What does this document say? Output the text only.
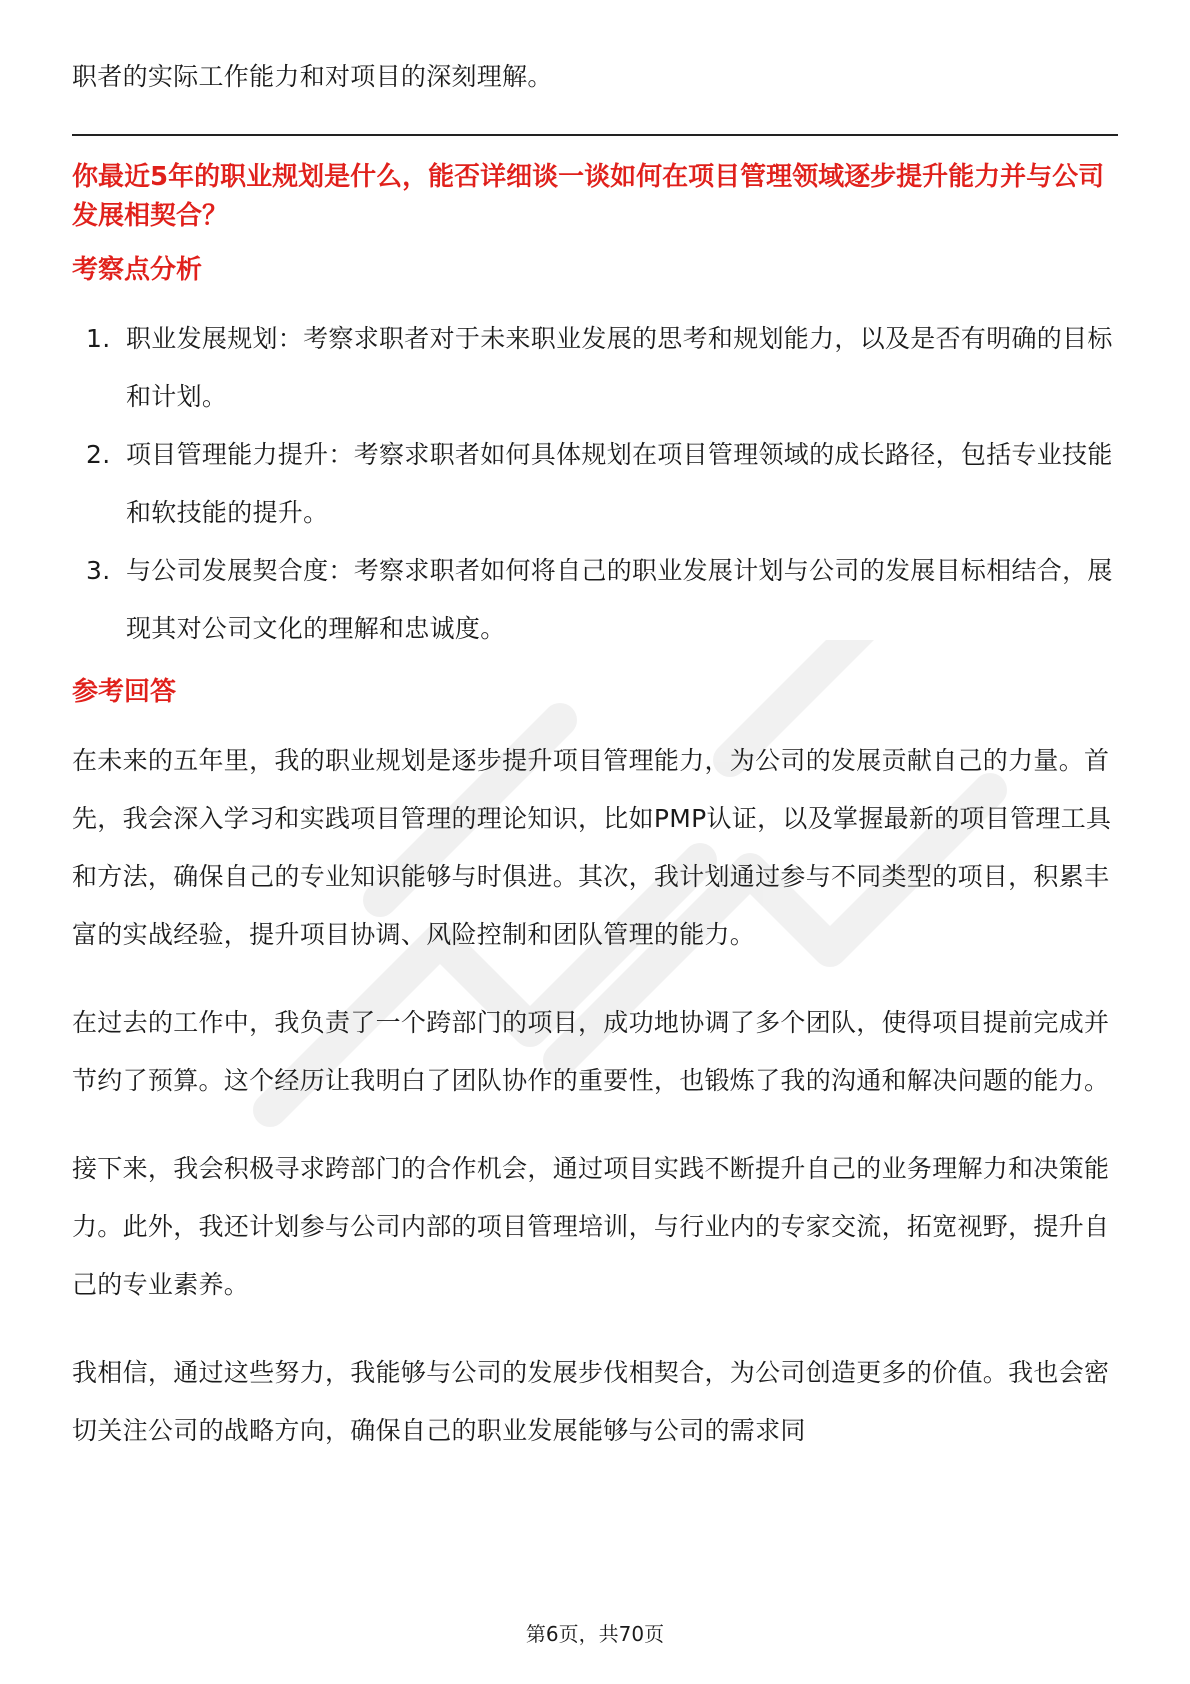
职者的实际工作能力和对项目的深刻理解。

你最近5年的职业规划是什么，能否详细谈一谈如何在项目管理领域逐步提升能力并与公司发展相契合？

考察点分析
1. 职业发展规划：考察求职者对于未来职业发展的思考和规划能力，以及是否有明确的目标和计划。
2. 项目管理能力提升：考察求职者如何具体规划在项目管理领域的成长路径，包括专业技能和软技能的提升。
3. 与公司发展契合度：考察求职者如何将自己的职业发展计划与公司的发展目标相结合，展现其对公司文化的理解和忠诚度。
参考回答

在未来的五年里，我的职业规划是逐步提升项目管理能力，为公司的发展贡献自己的力量。首先，我会深入学习和实践项目管理的理论知识，比如PMP认证，以及掌握最新的项目管理工具和方法，确保自己的专业知识能够与时俱进。其次，我计划通过参与不同类型的项目，积累丰富的实战经验，提升项目协调、风险控制和团队管理的能力。

在过去的工作中，我负责了一个跨部门的项目，成功地协调了多个团队，使得项目提前完成并节约了预算。这个经历让我明白了团队协作的重要性，也锻炼了我的沟通和解决问题的能力。

接下来，我会积极寻求跨部门的合作机会，通过项目实践不断提升自己的业务理解力和决策能力。此外，我还计划参与公司内部的项目管理培训，与行业内的专家交流，拓宽视野，提升自己的专业素养。

我相信，通过这些努力，我能够与公司的发展步伐相契合，为公司创造更多的价值。我也会密切关注公司的战略方向，确保自己的职业发展能够与公司的需求同

第6页，共70页
